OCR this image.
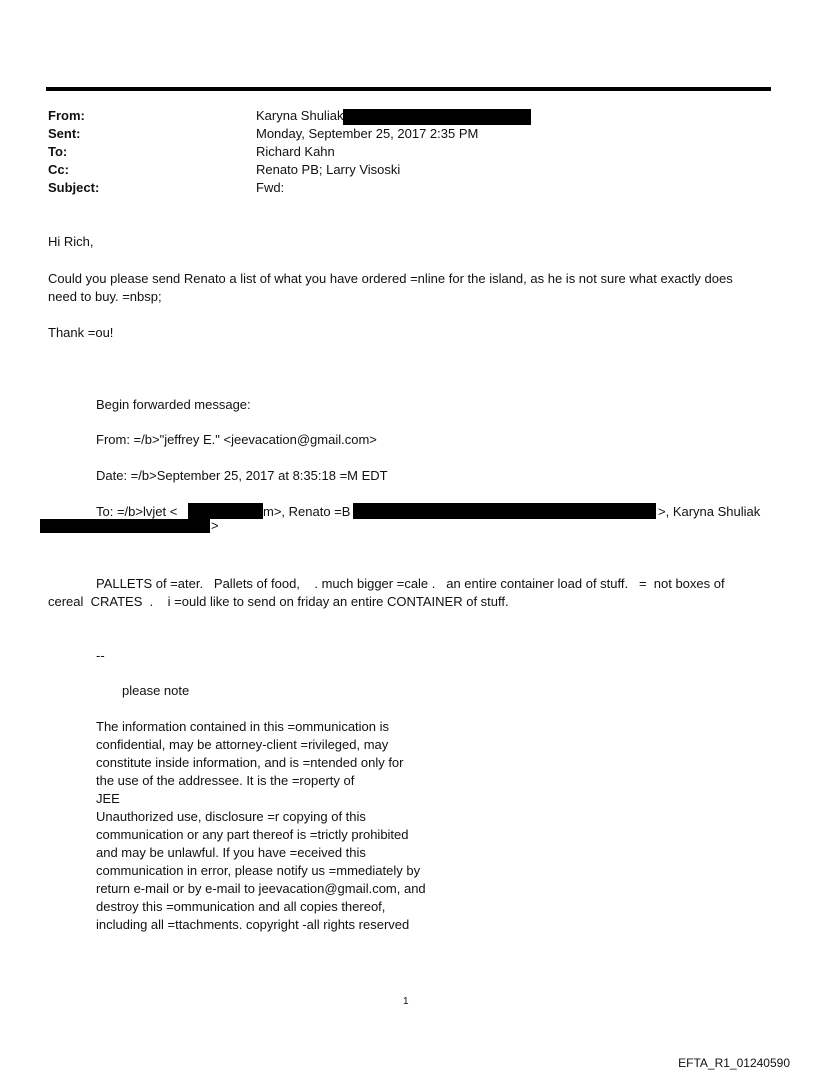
From:	Karyna Shuliak
Sent:	Monday, September 25, 2017 2:35 PM
To:	Richard Kahn
Cc:	Renato PB; Larry Visoski
Subject:	Fwd:
Hi Rich,
Could you please send Renato a list of what you have ordered =nline for the island, as he is not sure what exactly does
need to buy. =nbsp;
Thank =ou!
Begin forwarded message:
From: =/b>"jeffrey E." <jeevacation@gmail.com>
Date: =/b>September 25, 2017 at 8:35:18 =M EDT
To: =/b>lvjet <	m>, Renato =B	>, Karyna Shuliak
>
PALLETS of =ater.   Pallets of food,    . much bigger =cale .   an entire container load of stuff.   =  not boxes of
cereal  CRATES  .    i =ould like to send on friday an entire CONTAINER of stuff.
--
please note
The information contained in this =ommunication is
confidential, may be attorney-client =rivileged, may
constitute inside information, and is =ntended only for
the use of the addressee. It is the =roperty of
JEE
Unauthorized use, disclosure =r copying of this
communication or any part thereof is =trictly prohibited
and may be unlawful. If you have =eceived this
communication in error, please notify us =mmediately by
return e-mail or by e-mail to jeevacation@gmail.com, and
destroy this =ommunication and all copies thereof,
including all =ttachments. copyright -all rights reserved
1
EFTA_R1_01240590
